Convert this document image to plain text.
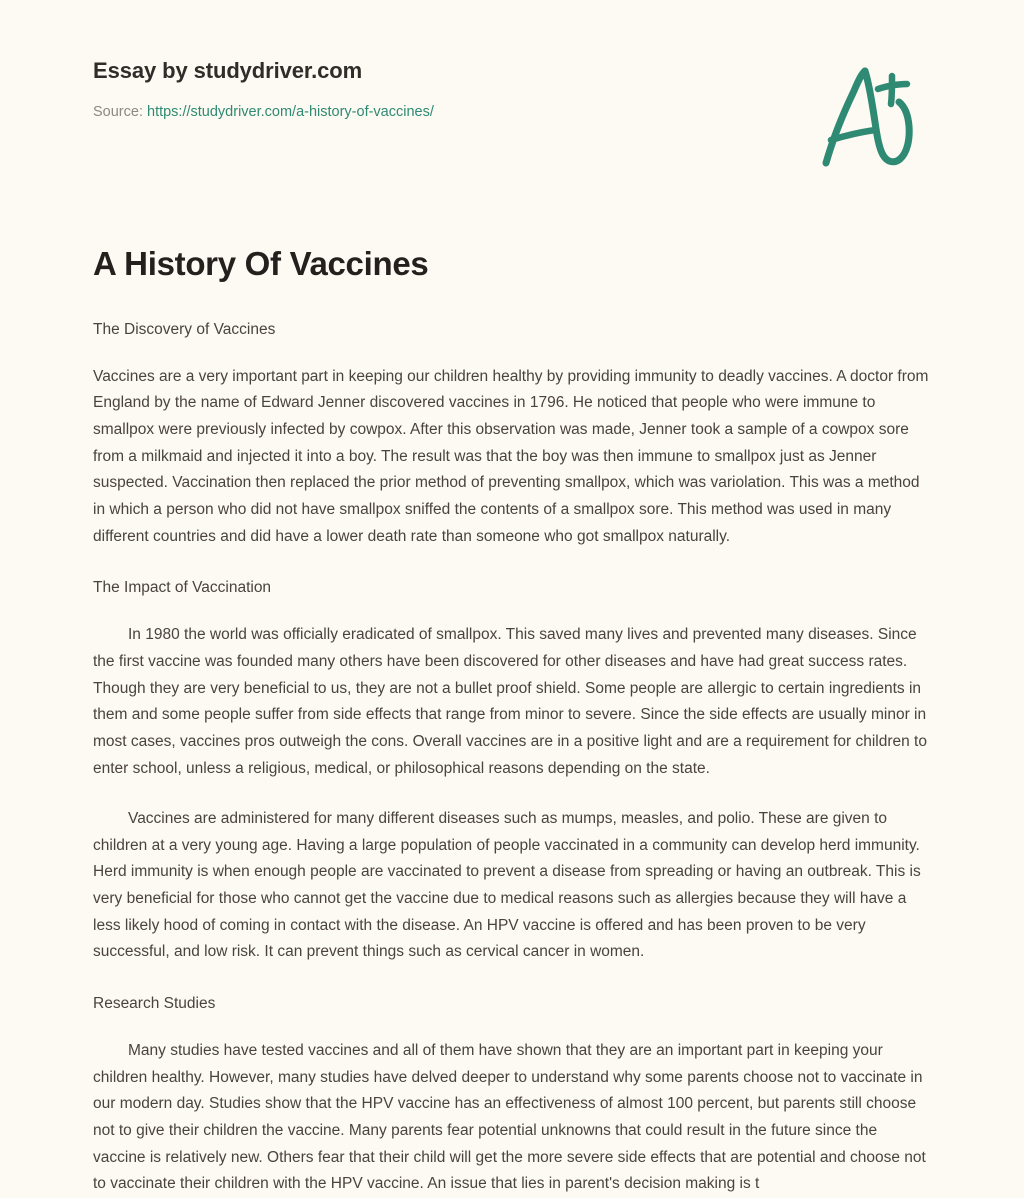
Essay by studydriver.com
Source: https://studydriver.com/a-history-of-vaccines/
A History Of Vaccines
The Discovery of Vaccines

Vaccines are a very important part in keeping our children healthy by providing immunity to deadly vaccines. A doctor from England by the name of Edward Jenner discovered vaccines in 1796. He noticed that people who were immune to smallpox were previously infected by cowpox. After this observation was made, Jenner took a sample of a cowpox sore from a milkmaid and injected it into a boy. The result was that the boy was then immune to smallpox just as Jenner suspected. Vaccination then replaced the prior method of preventing smallpox, which was variolation. This was a method in which a person who did not have smallpox sniffed the contents of a smallpox sore. This method was used in many different countries and did have a lower death rate than someone who got smallpox naturally.

The Impact of Vaccination

In 1980 the world was officially eradicated of smallpox. This saved many lives and prevented many diseases. Since the first vaccine was founded many others have been discovered for other diseases and have had great success rates. Though they are very beneficial to us, they are not a bullet proof shield. Some people are allergic to certain ingredients in them and some people suffer from side effects that range from minor to severe. Since the side effects are usually minor in most cases, vaccines pros outweigh the cons. Overall vaccines are in a positive light and are a requirement for children to enter school, unless a religious, medical, or philosophical reasons depending on the state.

Vaccines are administered for many different diseases such as mumps, measles, and polio. These are given to children at a very young age. Having a large population of people vaccinated in a community can develop herd immunity. Herd immunity is when enough people are vaccinated to prevent a disease from spreading or having an outbreak. This is very beneficial for those who cannot get the vaccine due to medical reasons such as allergies because they will have a less likely hood of coming in contact with the disease. An HPV vaccine is offered and has been proven to be very successful, and low risk. It can prevent things such as cervical cancer in women.

Research Studies

Many studies have tested vaccines and all of them have shown that they are an important part in keeping your children healthy. However, many studies have delved deeper to understand why some parents choose not to vaccinate in our modern day. Studies show that the HPV vaccine has an effectiveness of almost 100 percent, but parents still choose not to give their children the vaccine. Many parents fear potential unknowns that could result in the future since the vaccine is relatively new. Others fear that their child will get the more severe side effects that are potential and choose not to vaccinate their children with the HPV vaccine. An issue that lies in parent's decision making is t
